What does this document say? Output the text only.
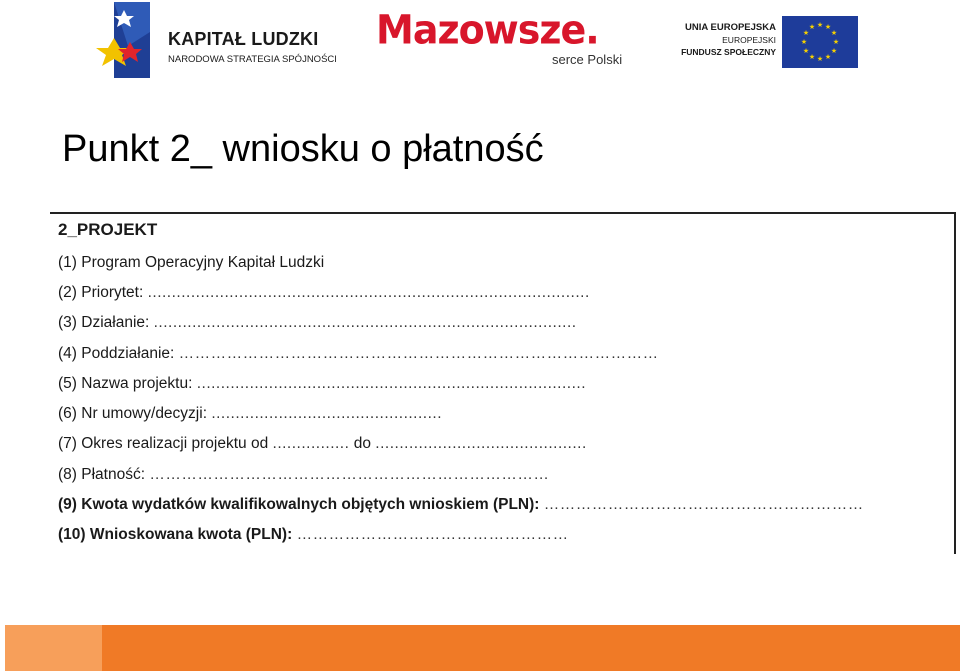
KAPITAŁ LUDZKI
NARODOWA STRATEGIA SPÓJNOŚCI
Mazowsze.
serce Polski
UNIA EUROPEJSKA
EUROPEJSKI
FUNDUSZ SPOŁECZNY
★ ★
★
★
★
★
★
★
★
★
★
★
Punkt 2_ wniosku o płatność
2_PROJEKT
(1) Program Operacyjny Kapitał Ludzki
(2) Priorytet: ............................................................................................
(3) Działanie: ........................................................................................
(4) Poddziałanie: ………………………………………………………………………………
(5) Nazwa projektu: .................................................................................
(6) Nr umowy/decyzji: ................................................
(7) Okres realizacji projektu od ................ do ............................................
(8) Płatność: …………………………………………………………………
(9) Kwota wydatków kwalifikowalnych objętych wnioskiem (PLN): ……………………………………………………
(10) Wnioskowana kwota (PLN): ……………………………………………
